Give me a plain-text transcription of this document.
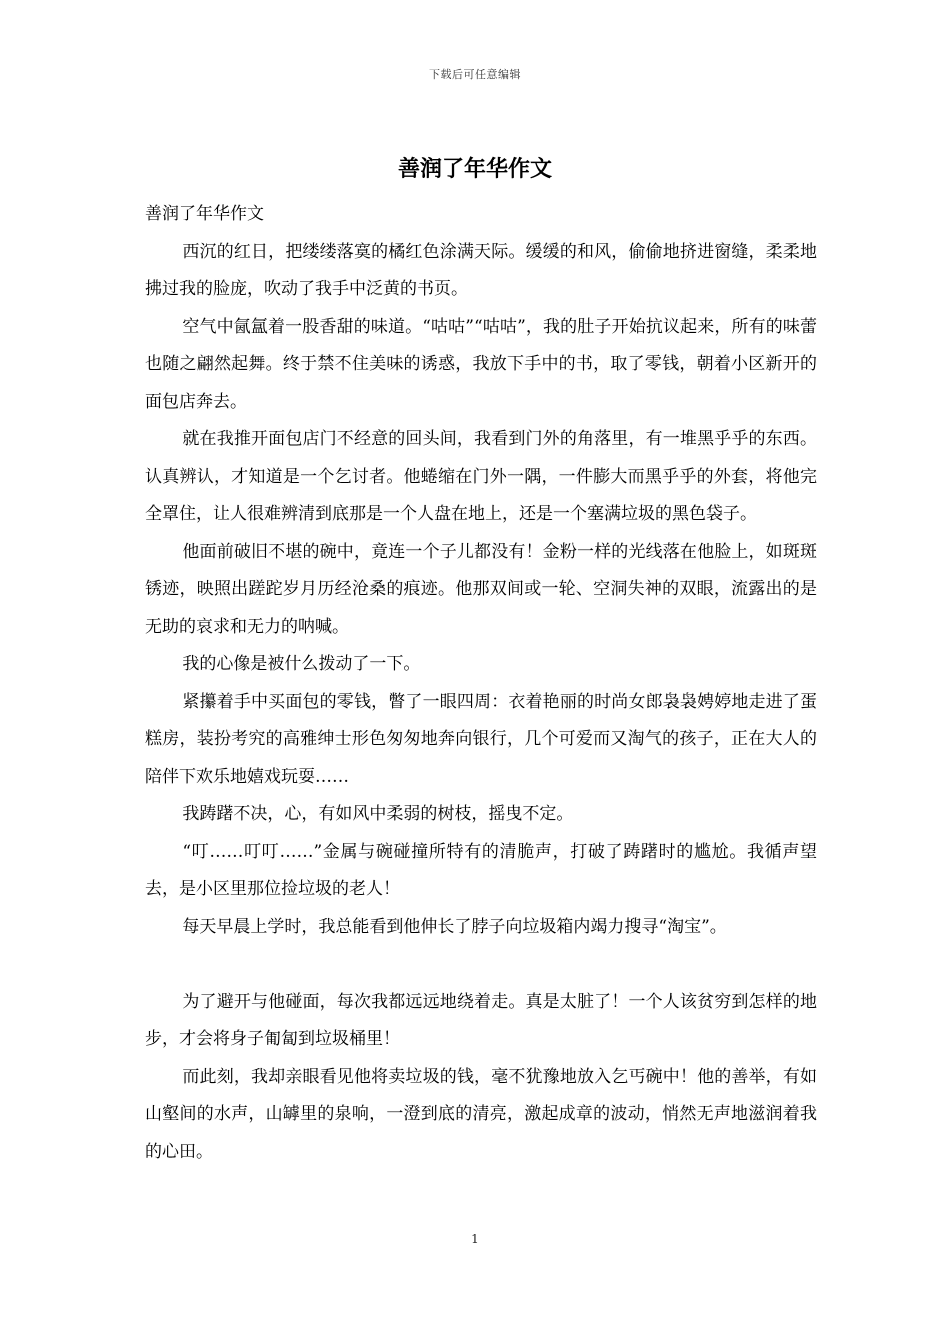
下载后可任意编辑
善润了年华作文

善润了年华作文

西沉的红日，把缕缕落寞的橘红色涂满天际。缓缓的和风，偷偷地挤进窗缝，柔柔地拂过我的脸庞，吹动了我手中泛黄的书页。

空气中氤氲着一股香甜的味道。“咕咕”“咕咕”，我的肚子开始抗议起来，所有的味蕾也随之翩然起舞。终于禁不住美味的诱惑，我放下手中的书，取了零钱，朝着小区新开的面包店奔去。

就在我推开面包店门不经意的回头间，我看到门外的角落里，有一堆黑乎乎的东西。认真辨认，才知道是一个乞讨者。他蜷缩在门外一隅，一件膨大而黑乎乎的外套，将他完全罩住，让人很难辨清到底那是一个人盘在地上，还是一个塞满垃圾的黑色袋子。

他面前破旧不堪的碗中，竟连一个子儿都没有！金粉一样的光线落在他脸上，如斑斑锈迹，映照出蹉跎岁月历经沧桑的痕迹。他那双间或一轮、空洞失神的双眼，流露出的是无助的哀求和无力的呐喊。

我的心像是被什么拨动了一下。

紧攥着手中买面包的零钱，瞥了一眼四周：衣着艳丽的时尚女郎袅袅娉婷地走进了蛋糕房，装扮考究的高雅绅士形色匆匆地奔向银行，几个可爱而又淘气的孩子，正在大人的陪伴下欢乐地嬉戏玩耍……

我踌躇不决，心，有如风中柔弱的树枝，摇曳不定。

“叮……叮叮……”金属与碗碰撞所特有的清脆声，打破了踌躇时的尴尬。我循声望去，是小区里那位捡垃圾的老人！

每天早晨上学时，我总能看到他伸长了脖子向垃圾箱内竭力搜寻“淘宝”。

为了避开与他碰面，每次我都远远地绕着走。真是太脏了！一个人该贫穷到怎样的地步，才会将身子匍匐到垃圾桶里！

而此刻，我却亲眼看见他将卖垃圾的钱，毫不犹豫地放入乞丐碗中！他的善举，有如山壑间的水声，山罅里的泉响，一澄到底的清亮，激起成章的波动，悄然无声地滋润着我的心田。

1
